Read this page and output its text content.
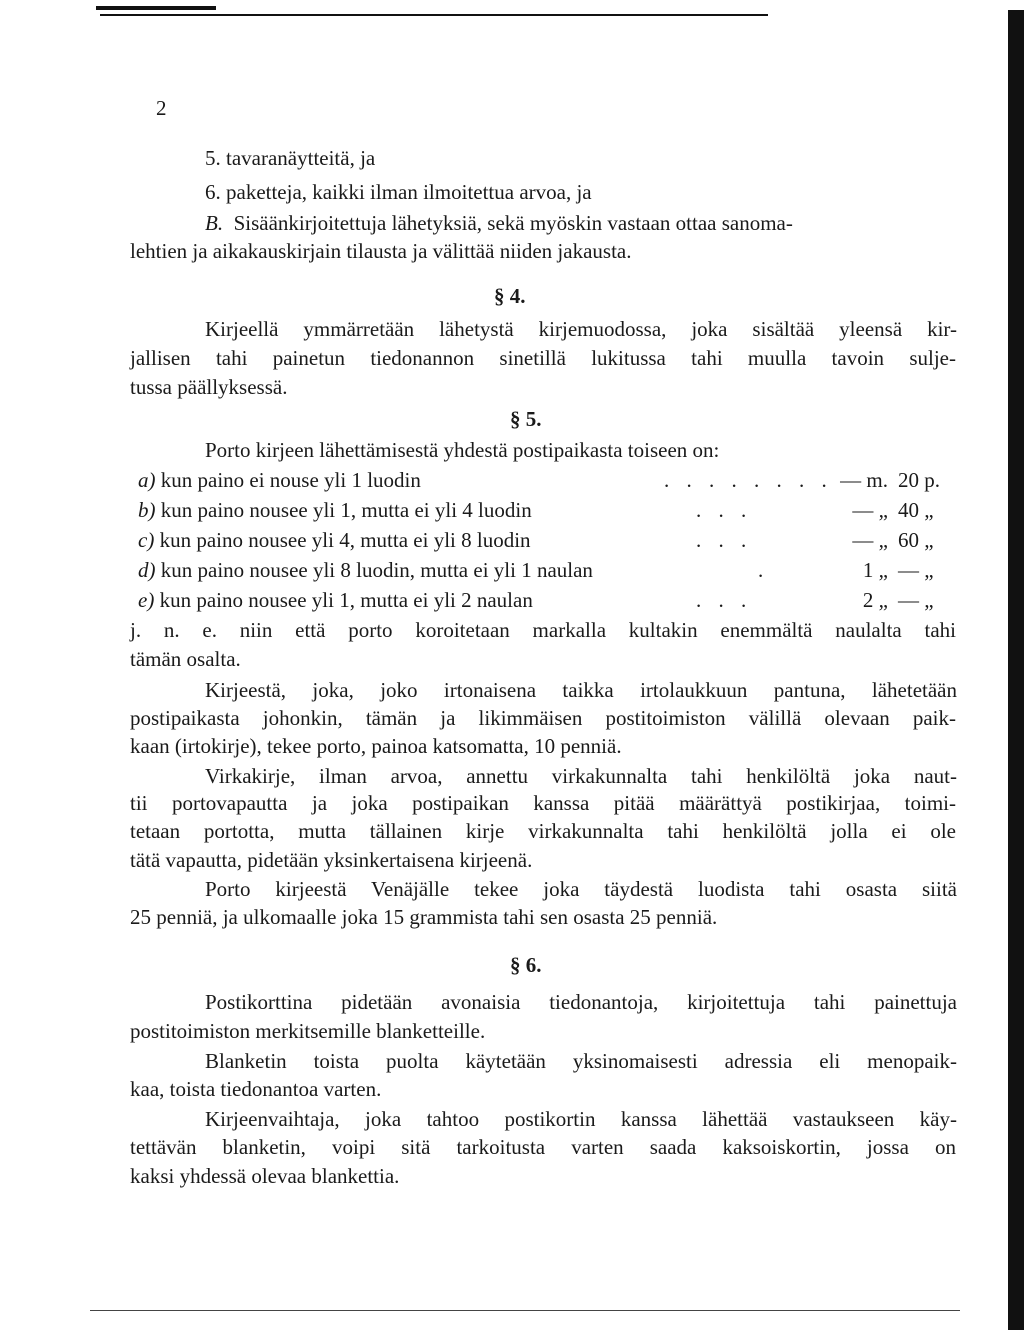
2
5. tavaranäytteitä, ja
6. paketteja, kaikki ilman ilmoitettua arvoa, ja
B. Sisäänkirjoitettuja lähetyksiä, sekä myöskin vastaan ottaa sanoma-
lehtien ja aikakauskirjain tilausta ja välittää niiden jakausta.
§ 4.
Kirjeellä ymmärretään lähetystä kirjemuodossa, joka sisältää yleensä kir-
jallisen tahi painetun tiedonannon sinetillä lukitussa tahi muulla tavoin sulje-
tussa päällyksessä.
§ 5.
Porto kirjeen lähettämisestä yhdestä postipaikasta toiseen on:
a) kun paino ei nouse yli 1 luodin	. . . . . . . . — m. 20 p.
b) kun paino nousee yli 1, mutta ei yli 4 luodin	. . .	— „ 40 „
c) kun paino nousee yli 4, mutta ei yli 8 luodin	. . .	— „ 60 „
d) kun paino nousee yli 8 luodin, mutta ei yli 1 naulan	.	1 „ — „
e) kun paino nousee yli 1, mutta ei yli 2 naulan	. . .	2 „ — „
j. n. e. niin että porto koroitetaan markalla kultakin enemmältä naulalta tahi
tämän osalta.
Kirjeestä, joka, joko irtonaisena taikka irtolaukkuun pantuna, lähetetään
postipaikasta johonkin, tämän ja likimmäisen postitoimiston välillä olevaan paik-
kaan (irtokirje), tekee porto, painoa katsomatta, 10 penniä.
Virkakirje, ilman arvoa, annettu virkakunnalta tahi henkilöltä joka naut-
tii portovapautta ja joka postipaikan kanssa pitää määrättyä postikirjaa, toimi-
tetaan portotta, mutta tällainen kirje virkakunnalta tahi henkilöltä jolla ei ole
tätä vapautta, pidetään yksinkertaisena kirjeenä.
Porto kirjeestä Venäjälle tekee joka täydestä luodista tahi osasta siitä
25 penniä, ja ulkomaalle joka 15 grammista tahi sen osasta 25 penniä.
§ 6.
Postikorttina pidetään avonaisia tiedonantoja, kirjoitettuja tahi painettuja
postitoimiston merkitsemille blanketteille.
Blanketin toista puolta käytetään yksinomaisesti adressia eli menopaik-
kaa, toista tiedonantoa varten.
Kirjeenvaihtaja, joka tahtoo postikortin kanssa lähettää vastaukseen käy-
tettävän blanketin, voipi sitä tarkoitusta varten saada kaksoiskortin, jossa on
kaksi yhdessä olevaa blankettia.
